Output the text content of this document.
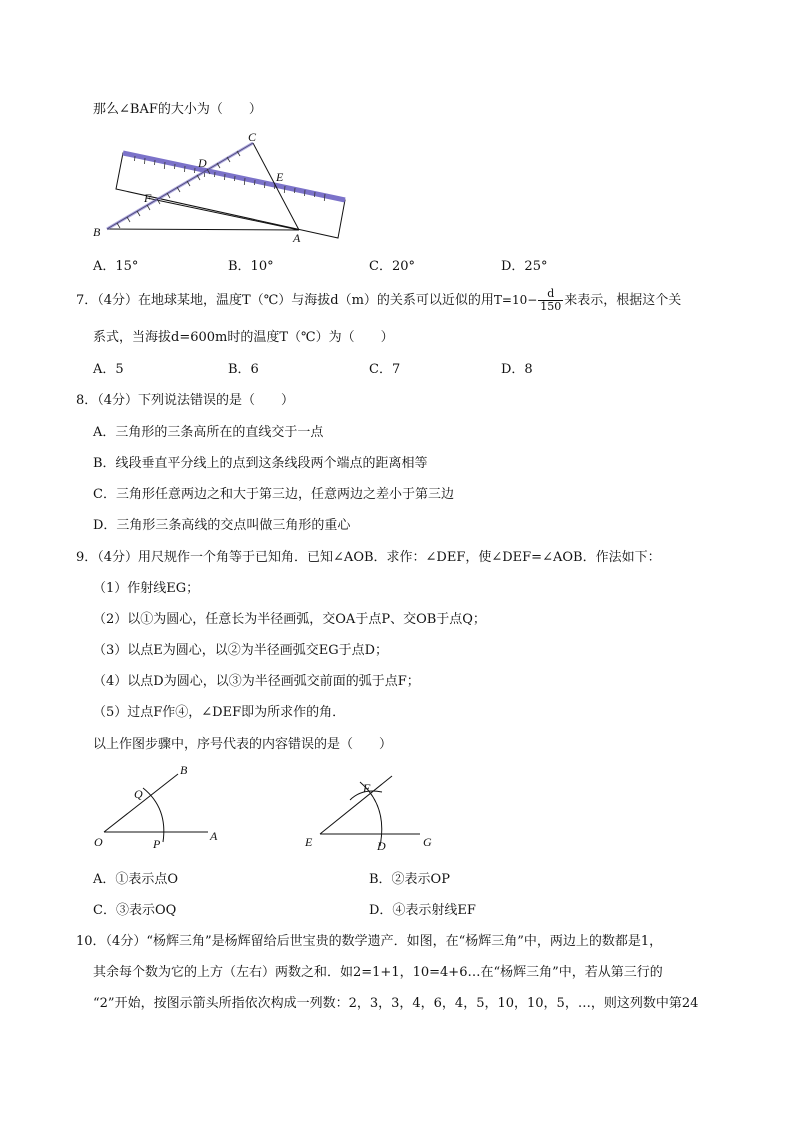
那么∠BAF的大小为（　　）
C
D
E
F
B	A
A．15°	B．10°	C．20°	D．25°
7．（4分）在地球某地，温度T（℃）与海拔d（m）的关系可以近似的用$T=10- \frac{d}{150}$ 来表示，根据这个关
系式，当海拔d=600m时的温度T（℃）为（　　）
A．5	B．6	C．7	D．8
8．（4分）下列说法错误的是（　　）
A．三角形的三条高所在的直线交于一点
B．线段垂直平分线上的点到这条线段两个端点的距离相等
C．三角形任意两边之和大于第三边，任意两边之差小于第三边
D．三角形三条高线的交点叫做三角形的重心
9．（4分）用尺规作一个角等于已知角．已知∠AOB．求作：∠DEF，使∠DEF=∠AOB．作法如下：
（1）作射线EG；
（2）以①为圆心，任意长为半径画弧，交OA于点P、交OB于点Q；
（3）以点E为圆心，以②为半径画弧交EG于点D；
（4）以点D为圆心，以③为半径画弧交前面的弧于点F；
（5）过点F作④，∠DEF即为所求作的角．
以上作图步骤中，序号代表的内容错误的是（　　）
B
Q
O	P
A
F
E	D	G
A．①表示点O	B．②表示OP
C．③表示OQ	D．④表示射线EF
10．（4分）“杨辉三角”是杨辉留给后世宝贵的数学遗产．如图，在“杨辉三角”中，两边上的数都是1，
其余每个数为它的上方（左右）两数之和．如2=1+1，10=4+6…在“杨辉三角”中，若从第三行的
“2”开始，按图示箭头所指依次构成一列数：2，3，3，4，6，4，5，10，10，5，…，则这列数中第24
